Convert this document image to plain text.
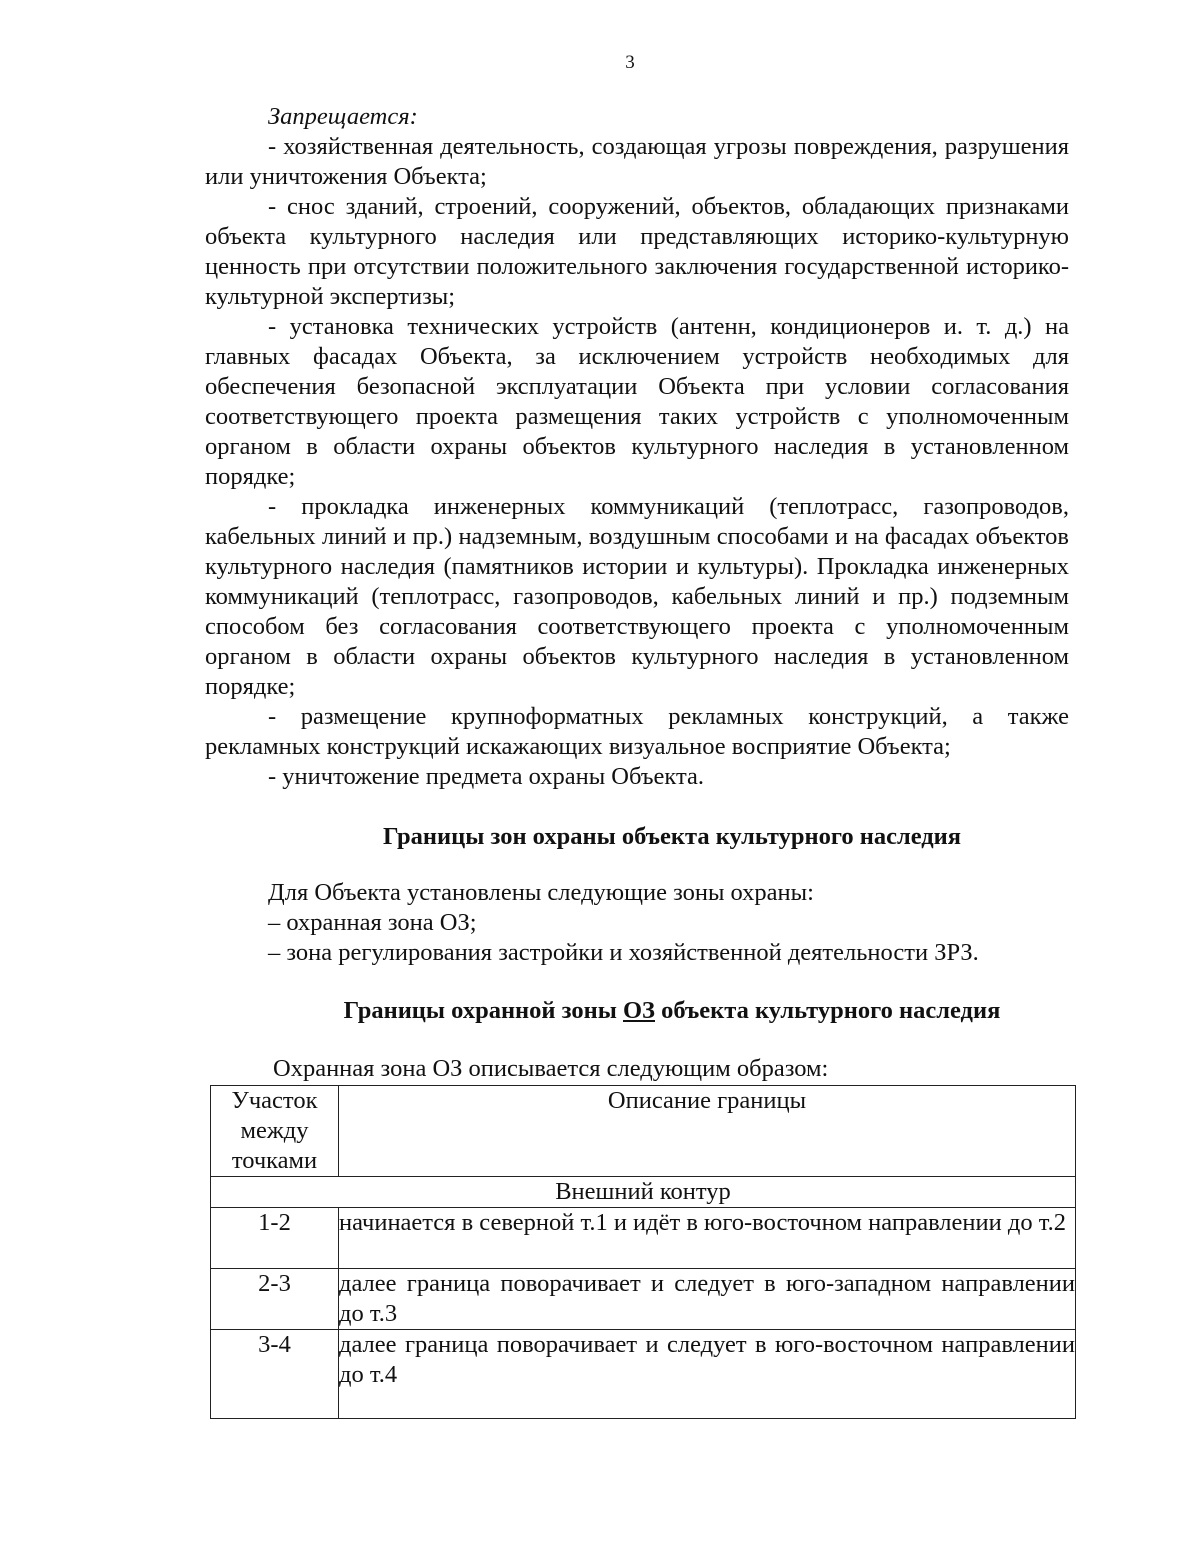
3

Запрещается:

- хозяйственная деятельность, создающая угрозы повреждения, разрушения или уничтожения Объекта;

- снос зданий, строений, сооружений, объектов, обладающих признаками объекта культурного наследия или представляющих историко-культурную ценность при отсутствии положительного заключения государственной историко-культурной экспертизы;

- установка технических устройств (антенн, кондиционеров и. т. д.) на главных фасадах Объекта, за исключением устройств необходимых для обеспечения безопасной эксплуатации Объекта при условии согласования соответствующего проекта размещения таких устройств с уполномоченным органом в области охраны объектов культурного наследия в установленном порядке;

- прокладка инженерных коммуникаций (теплотрасс, газопроводов, кабельных линий и пр.) надземным, воздушным способами и на фасадах объектов культурного наследия (памятников истории и культуры). Прокладка инженерных коммуникаций (теплотрасс, газопроводов, кабельных линий и пр.) подземным способом без согласования соответствующего проекта с уполномоченным органом в области охраны объектов культурного наследия в установленном порядке;

- размещение крупноформатных рекламных конструкций, а также рекламных конструкций искажающих визуальное восприятие Объекта;

- уничтожение предмета охраны Объекта.

Границы зон охраны объекта культурного наследия

Для Объекта установлены следующие зоны охраны:

– охранная зона ОЗ;

– зона регулирования застройки и хозяйственной деятельности ЗРЗ.

Границы охранной зоны ОЗ объекта культурного наследия

Охранная зона ОЗ описывается следующим образом:

Участок
между
точками	Описание границы
Внешний контур	
1-2	начинается в северной т.1 и идёт в юго-восточном направлении до т.2

2-3	далее граница поворачивает и следует в юго-западном направлении до т.3

3-4	далее граница поворачивает и следует в юго-восточном направлении до т.4
